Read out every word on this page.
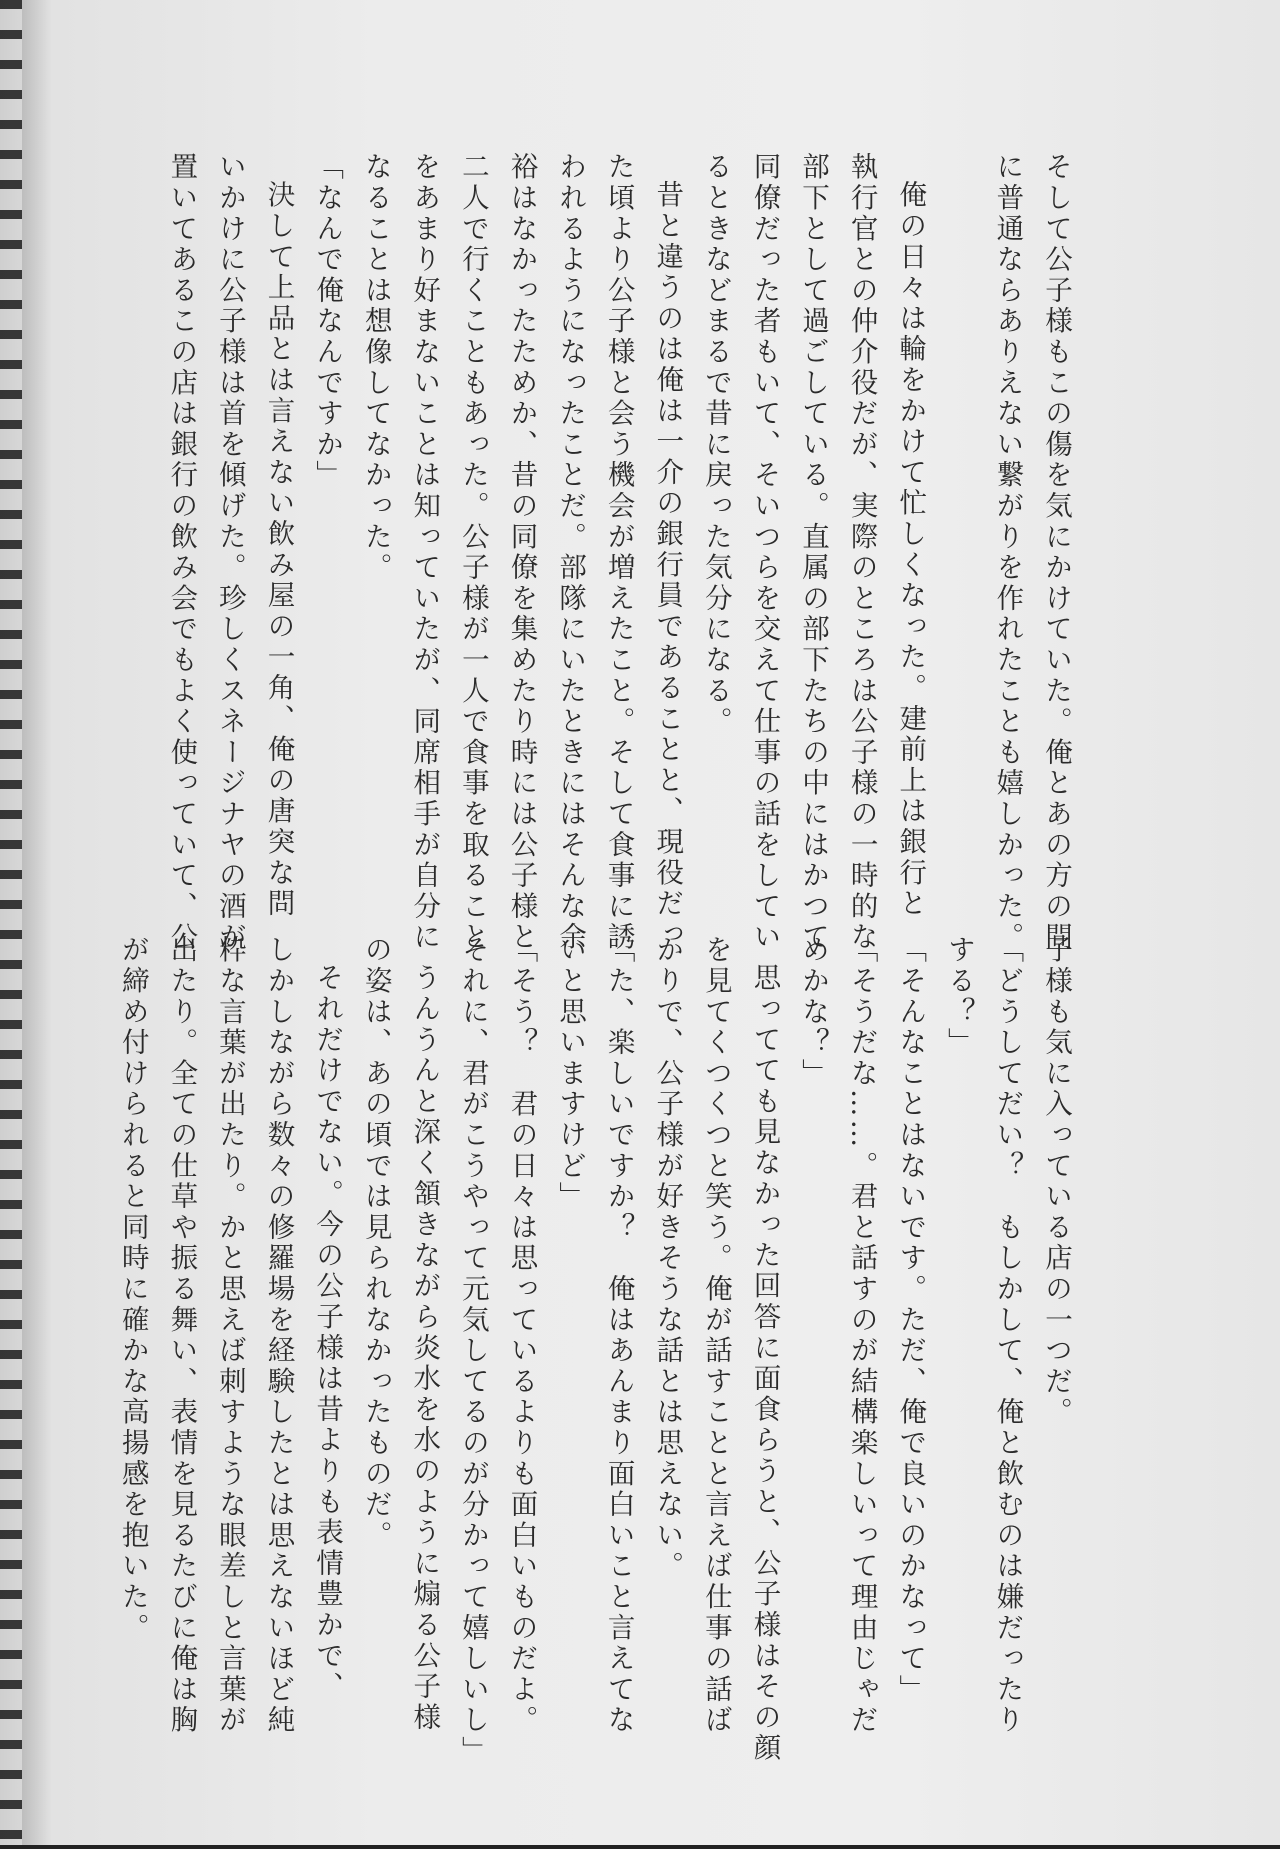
そして公子様もこの傷を気にかけていた。俺とあの方の間
に普通ならありえない繋がりを作れたことも嬉しかった。

俺の日々は輪をかけて忙しくなった。建前上は銀行と
執行官との仲介役だが、実際のところは公子様の一時的な
部下として過ごしている。直属の部下たちの中にはかつて
同僚だった者もいて、そいつらを交えて仕事の話をしてい
るときなどまるで昔に戻った気分になる。
昔と違うのは俺は一介の銀行員であることと、現役だっ
た頃より公子様と会う機会が増えたこと。そして食事に誘
われるようになったことだ。部隊にいたときにはそんな余
裕はなかったためか、昔の同僚を集めたり時には公子様と
二人で行くこともあった。公子様が一人で食事を取ること
をあまり好まないことは知っていたが、同席相手が自分に
なることは想像してなかった。
「なんで俺なんですか」
決して上品とは言えない飲み屋の一角、俺の唐突な問
いかけに公子様は首を傾げた。珍しくスネージナヤの酒が
置いてあるこの店は銀行の飲み会でもよく使っていて、公
子様も気に入っている店の一つだ。
「どうしてだい？　もしかして、俺と飲むのは嫌だったり
する？」
「そんなことはないです。ただ、俺で良いのかなって」
「そうだな……。君と話すのが結構楽しいって理由じゃだ
めかな？」
思ってても見なかった回答に面食らうと、公子様はその顔
を見てくつくつと笑う。俺が話すことと言えば仕事の話ば
かりで、公子様が好きそうな話とは思えない。
「た、楽しいですか？　俺はあんまり面白いこと言えてな
いと思いますけど」
「そう？　君の日々は思っているよりも面白いものだよ。
それに、君がこうやって元気してるのが分かって嬉しいし」
うんうんと深く頷きながら炎水を水のように煽る公子様
の姿は、あの頃では見られなかったものだ。
それだけでない。今の公子様は昔よりも表情豊かで、
しかしながら数々の修羅場を経験したとは思えないほど純
粋な言葉が出たり。かと思えば刺すような眼差しと言葉が
出たり。全ての仕草や振る舞い、表情を見るたびに俺は胸
が締め付けられると同時に確かな高揚感を抱いた。
